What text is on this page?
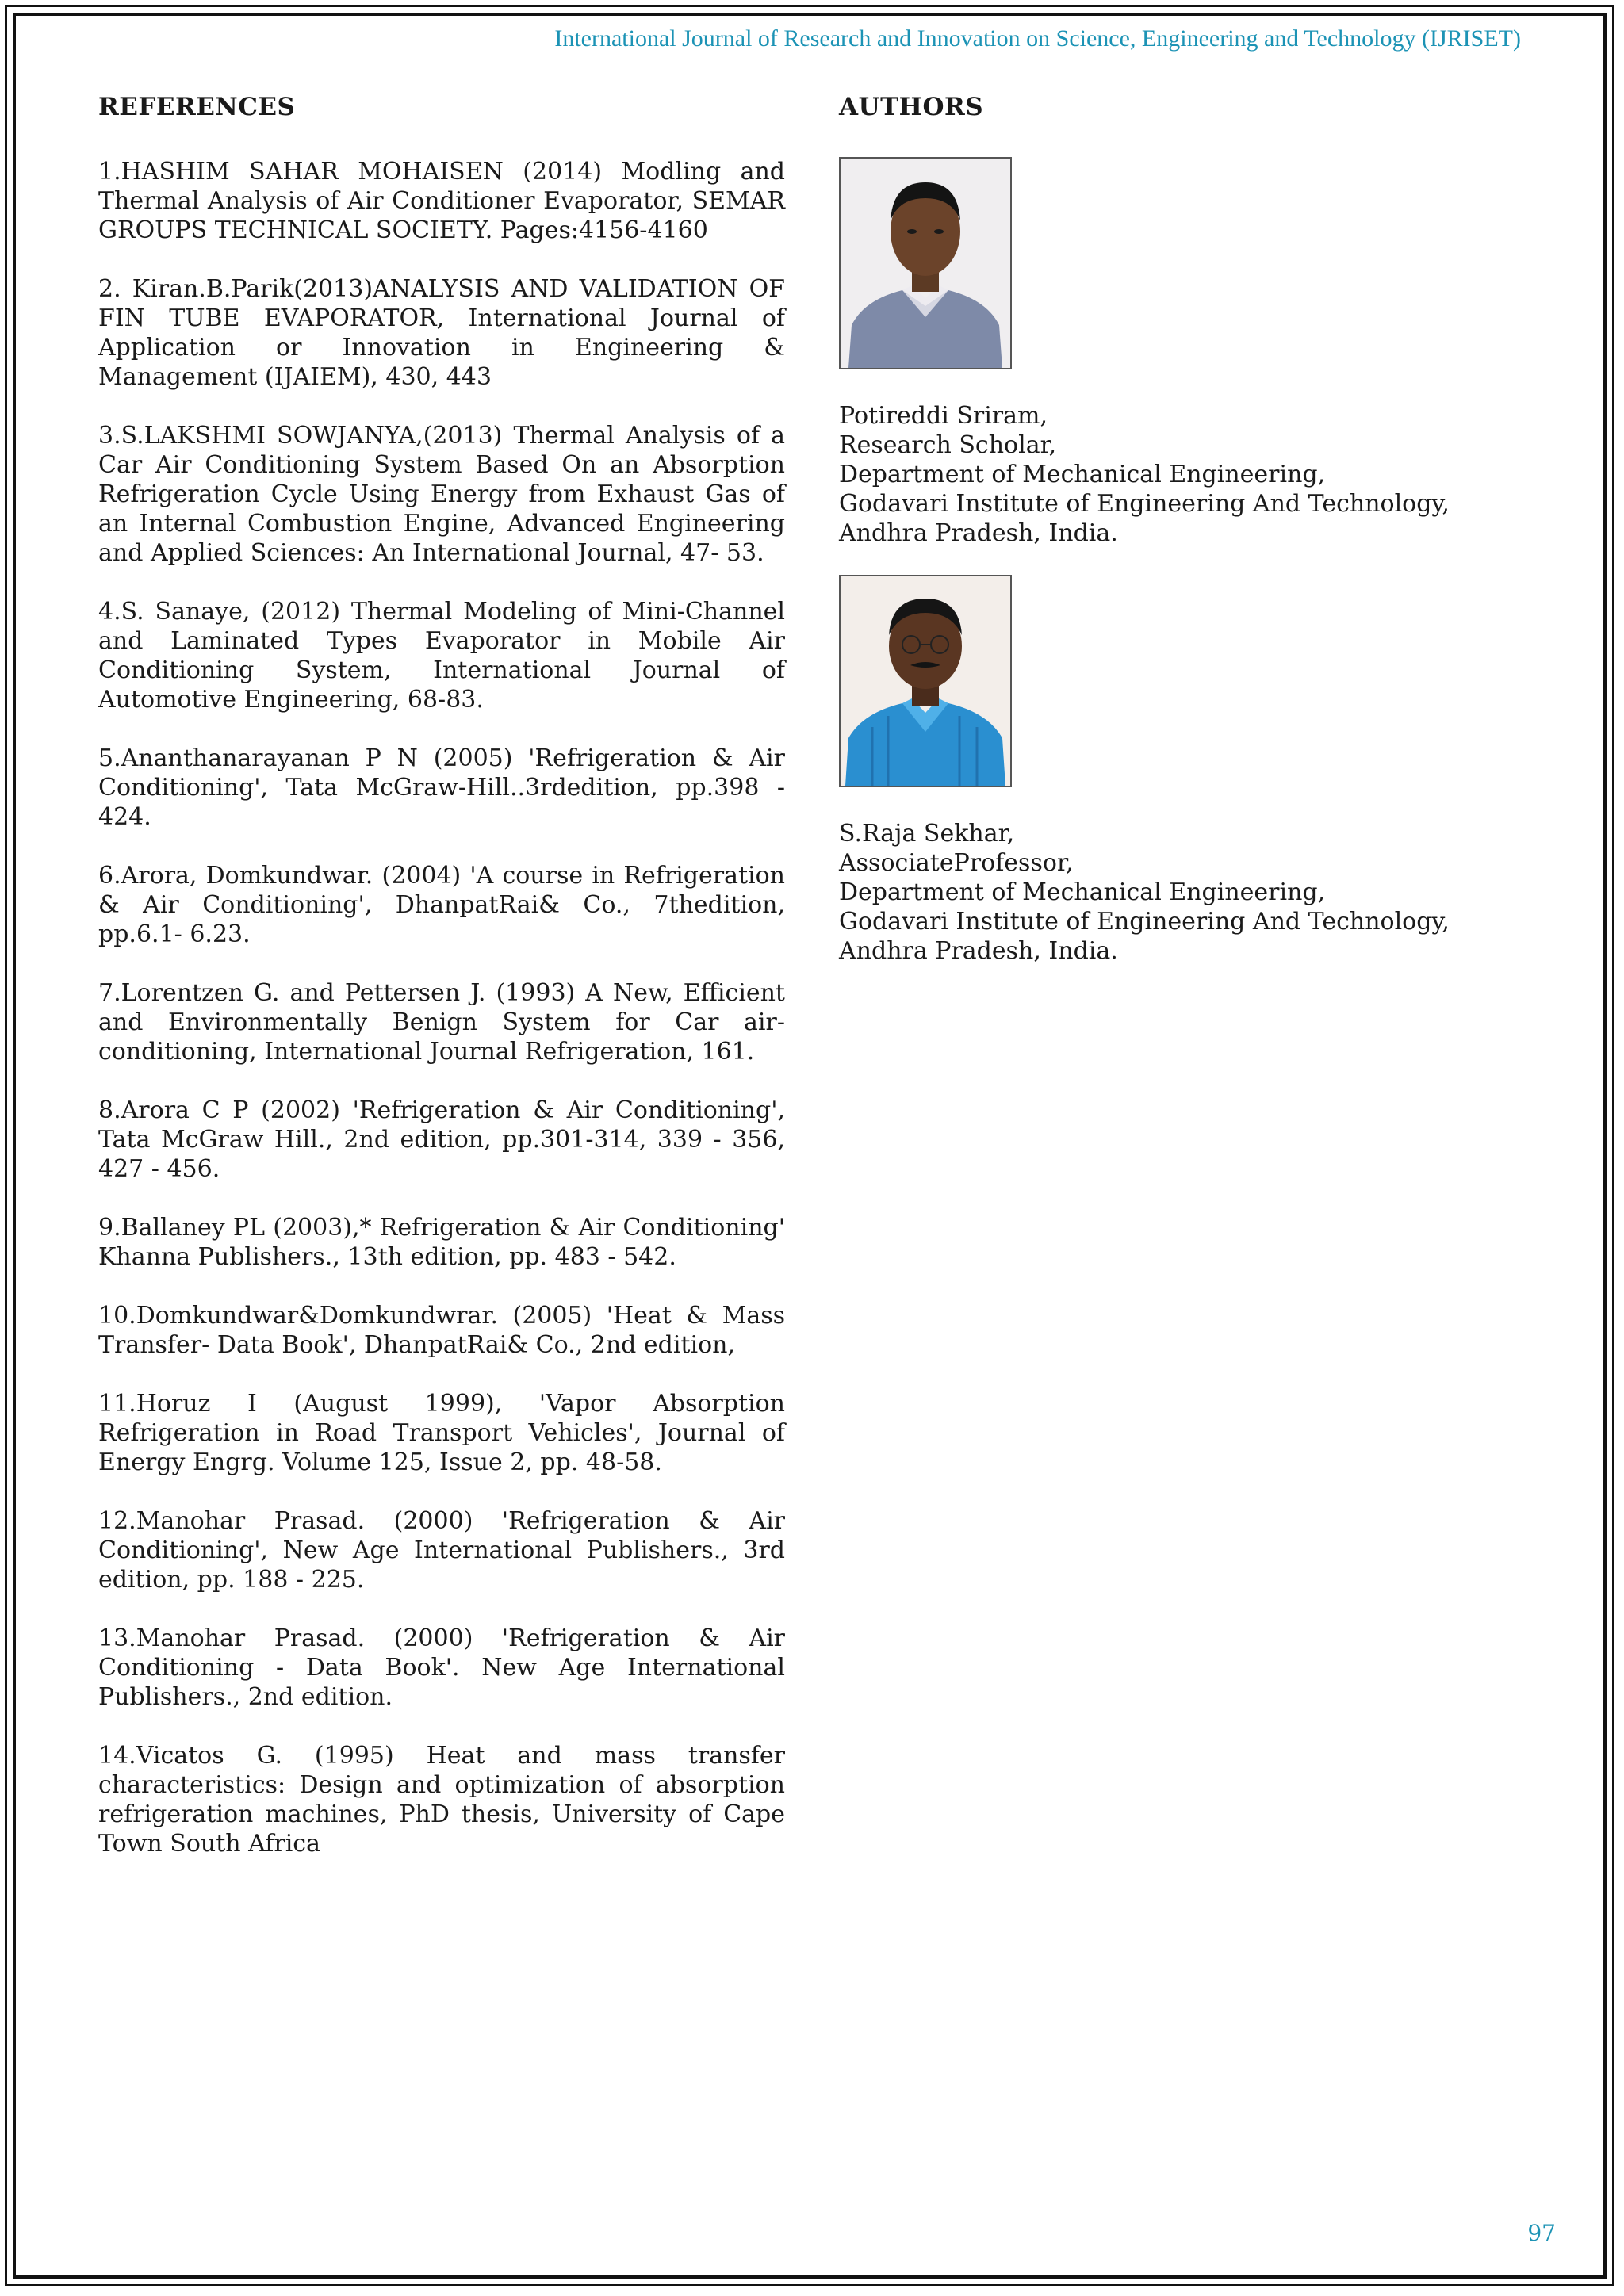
International Journal of Research and Innovation on Science, Engineering and Technology (IJRISET)
REFERENCES

1.HASHIM SAHAR MOHAISEN (2014) Modling and Thermal Analysis of Air Conditioner Evaporator, SEMAR GROUPS TECHNICAL SOCIETY. Pages:4156-4160

2. Kiran.B.Parik(2013)ANALYSIS AND VALIDATION OF FIN TUBE EVAPORATOR, International Journal of Application or Innovation in Engineering & Management (IJAIEM), 430, 443

3.S.LAKSHMI SOWJANYA,(2013) Thermal Analysis of a Car Air Conditioning System Based On an Absorption Refrigeration Cycle Using Energy from Exhaust Gas of an Internal Combustion Engine, Advanced Engineering and Applied Sciences: An International Journal, 47- 53.

4.S. Sanaye, (2012) Thermal Modeling of Mini-Channel and Laminated Types Evaporator in Mobile Air Conditioning System, International Journal of Automotive Engineering, 68-83.

5.Ananthanarayanan P N (2005) 'Refrigeration & Air Conditioning', Tata McGraw-Hill..3rdedition, pp.398 - 424.

6.Arora, Domkundwar. (2004) 'A course in Refrigeration & Air Conditioning', DhanpatRai& Co., 7thedition, pp.6.1- 6.23.

7.Lorentzen G. and Pettersen J. (1993) A New, Efficient and Environmentally Benign System for Car air-conditioning, International Journal Refrigeration, 161.

8.Arora C P (2002) 'Refrigeration & Air Conditioning', Tata McGraw Hill., 2nd edition, pp.301-314, 339 - 356, 427 - 456.

9.Ballaney PL (2003),* Refrigeration & Air Conditioning' Khanna Publishers., 13th edition, pp. 483 - 542.

10.Domkundwar&Domkundwrar. (2005) 'Heat & Mass Transfer- Data Book', DhanpatRai& Co., 2nd edition,

11.Horuz I (August 1999), 'Vapor Absorption Refrigeration in Road Transport Vehicles', Journal of Energy Engrg. Volume 125, Issue 2, pp. 48-58.

12.Manohar Prasad. (2000) 'Refrigeration & Air Conditioning', New Age International Publishers., 3rd edition, pp. 188 - 225.

13.Manohar Prasad. (2000) 'Refrigeration & Air Conditioning - Data Book'. New Age International Publishers., 2nd edition.

14.Vicatos G. (1995) Heat and mass transfer characteristics: Design and optimization of absorption refrigeration machines, PhD thesis, University of Cape Town South Africa

AUTHORS
Potireddi Sriram,
Research Scholar,
Department of Mechanical Engineering,
Godavari Institute of Engineering And Technology,
Andhra Pradesh, India.
S.Raja Sekhar,
AssociateProfessor,
Department of Mechanical Engineering,
Godavari Institute of Engineering And Technology,
Andhra Pradesh, India.
97
